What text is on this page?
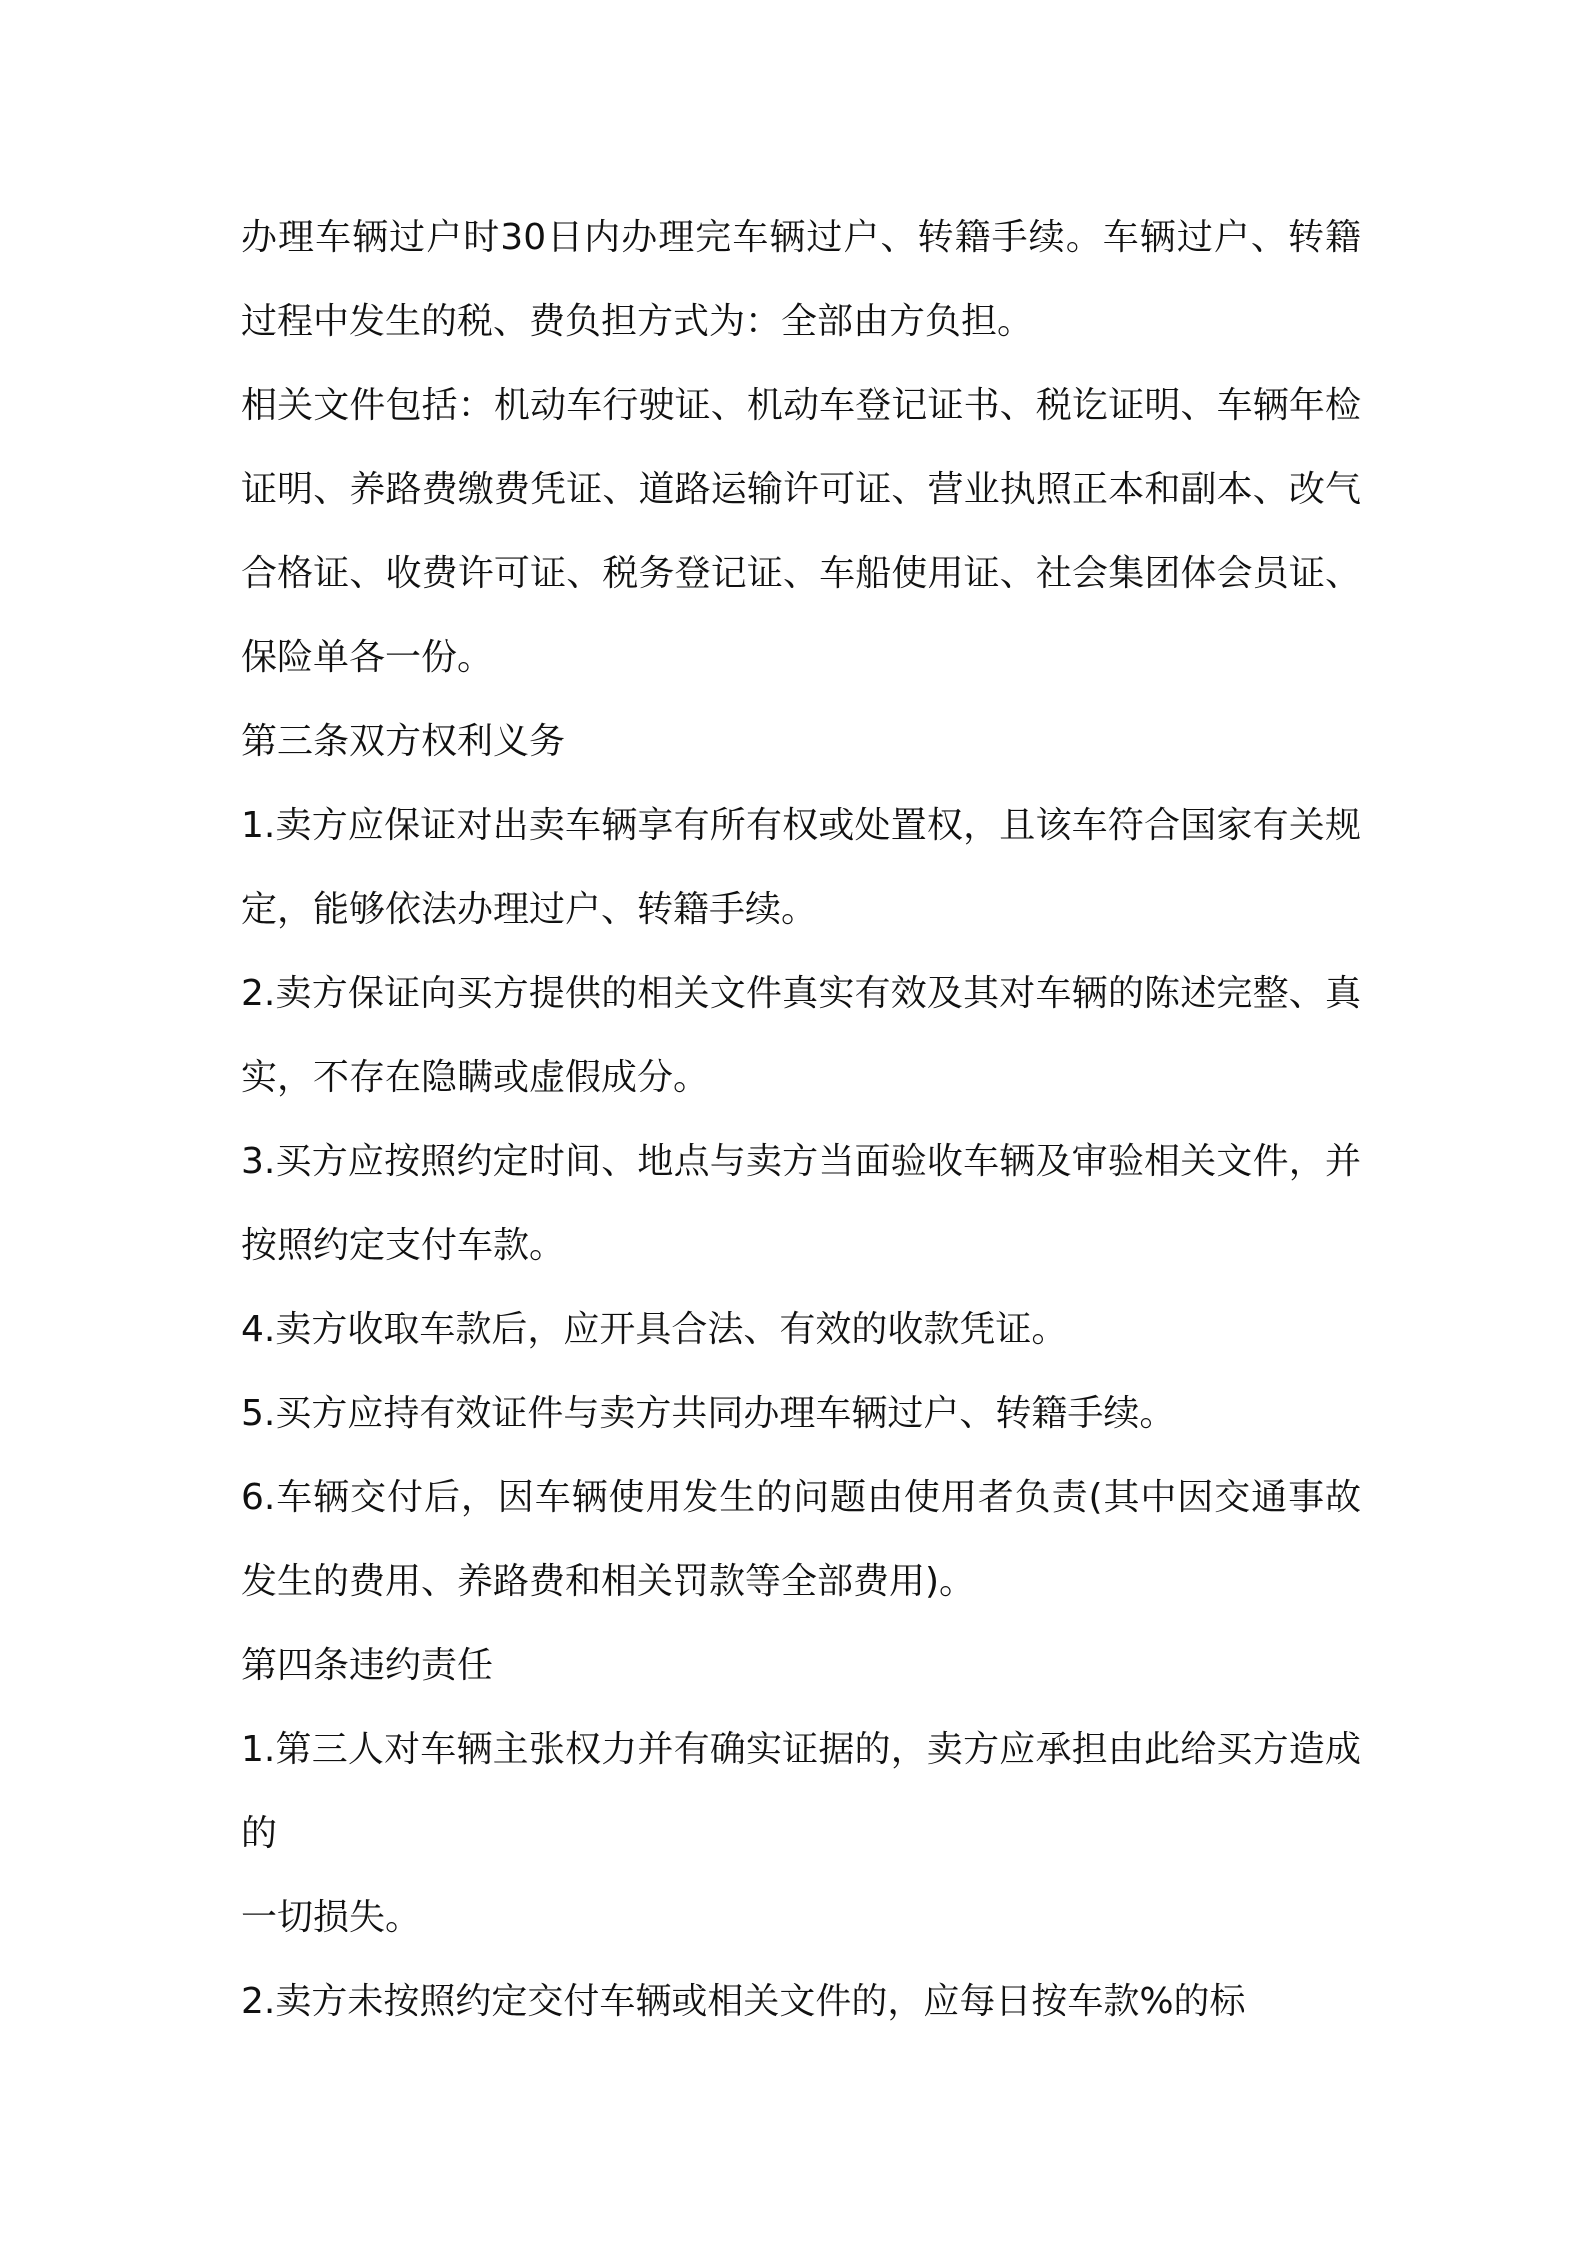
办理车辆过户时30日内办理完车辆过户、转籍手续。车辆过户、转籍过程中发生的税、费负担方式为：全部由方负担。

相关文件包括：机动车行驶证、机动车登记证书、税讫证明、车辆年检证明、养路费缴费凭证、道路运输许可证、营业执照正本和副本、改气合格证、收费许可证、税务登记证、车船使用证、社会集团体会员证、保险单各一份。

第三条双方权利义务

1.卖方应保证对出卖车辆享有所有权或处置权，且该车符合国家有关规定，能够依法办理过户、转籍手续。

2.卖方保证向买方提供的相关文件真实有效及其对车辆的陈述完整、真实，不存在隐瞒或虚假成分。

3.买方应按照约定时间、地点与卖方当面验收车辆及审验相关文件，并按照约定支付车款。

4.卖方收取车款后，应开具合法、有效的收款凭证。

5.买方应持有效证件与卖方共同办理车辆过户、转籍手续。

6.车辆交付后，因车辆使用发生的问题由使用者负责(其中因交通事故发生的费用、养路费和相关罚款等全部费用)。

第四条违约责任

1.第三人对车辆主张权力并有确实证据的，卖方应承担由此给买方造成的

一切损失。

2.卖方未按照约定交付车辆或相关文件的，应每日按车款%的标
